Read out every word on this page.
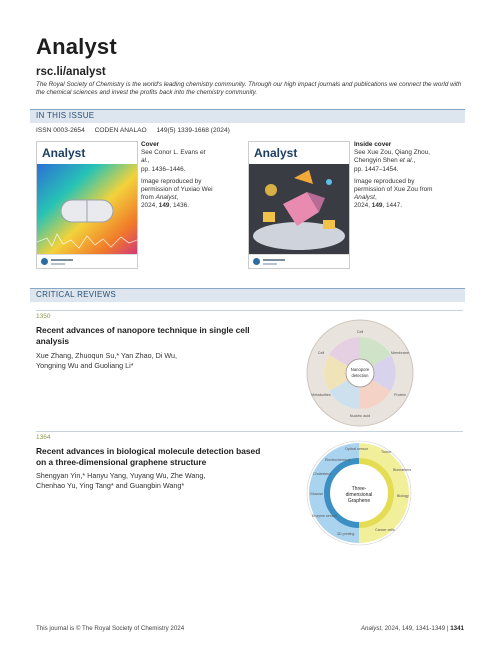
Analyst
rsc.li/analyst
The Royal Society of Chemistry is the world's leading chemistry community. Through our high impact journals and publications we connect the world with the chemical sciences and invest the profits back into the chemistry community.
IN THIS ISSUE
ISSN 0003-2654 CODEN ANALAO 149(5) 1339-1668 (2024)
Analyst

Cover
See Conor L. Evans et al.,
pp. 1436–1446.

Image reproduced by permission of Yuxiao Wei from Analyst,
2024, 149, 1436.

Analyst

Inside cover
See Xue Zou, Qiang Zhou, Chengyin Shen et al.,
pp. 1447–1454.

Image reproduced by permission of Xue Zou from Analyst,
2024, 149, 1447.

CRITICAL REVIEWS
1350
Recent advances of nanopore technique in single cell analysis
Xue Zhang, Zhuoqun Su,* Yan Zhao, Di Wu, Yongning Wu and Guoliang Li*	Nanopore
detection
Cell
Membrane
Protein
Nucleic acid
Metabolites
Cell
1364
Recent advances in biological molecule detection based on a three-dimensional graphene structure
Shengyan Yin,* Hanyu Yang, Yuyang Wu, Zhe Wang, Chenhao Yu, Ying Tang* and Guangbin Wang*	Three-
dimensional
Graphene
Tumor
Biomarkers
Biology
Cancer cells
3D printing
Enzyme sensor
Glucose
Cholesterol
Electrochemical
Optical sensor
This journal is © The Royal Society of Chemistry 2024	Analyst, 2024, 149, 1341-1349 | 1341
